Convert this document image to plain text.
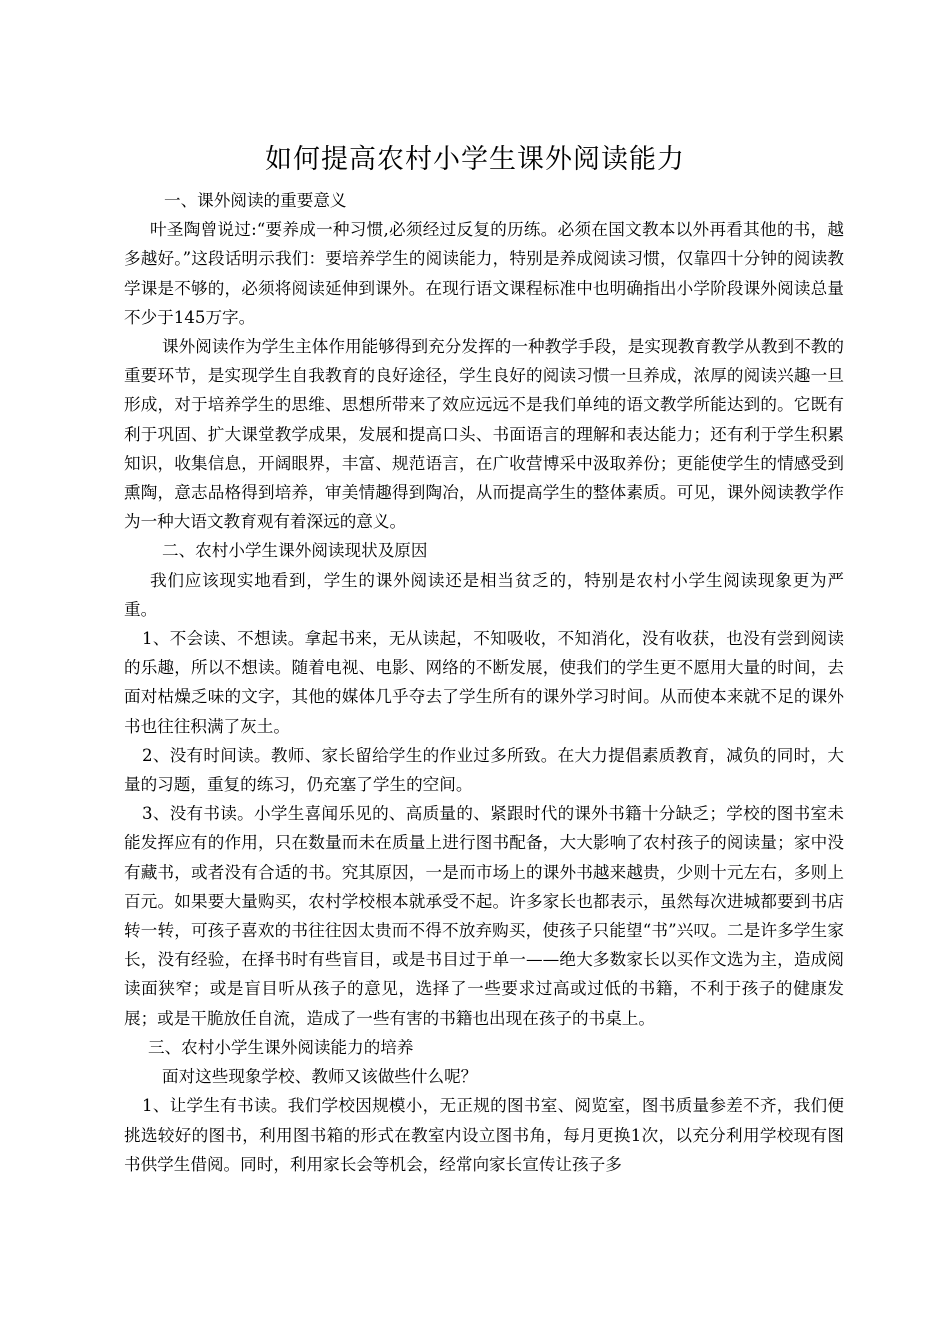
如何提高农村小学生课外阅读能力

一、课外阅读的重要意义

叶圣陶曾说过:“要养成一种习惯,必须经过反复的历练。必须在国文教本以外再看其他的书，越多越好。”这段话明示我们：要培养学生的阅读能力，特别是养成阅读习惯，仅靠四十分钟的阅读教学课是不够的，必须将阅读延伸到课外。在现行语文课程标准中也明确指出小学阶段课外阅读总量不少于145万字。

课外阅读作为学生主体作用能够得到充分发挥的一种教学手段，是实现教育教学从教到不教的重要环节，是实现学生自我教育的良好途径，学生良好的阅读习惯一旦养成，浓厚的阅读兴趣一旦形成，对于培养学生的思维、思想所带来了效应远远不是我们单纯的语文教学所能达到的。它既有利于巩固、扩大课堂教学成果，发展和提高口头、书面语言的理解和表达能力；还有利于学生积累知识，收集信息，开阔眼界，丰富、规范语言，在广收营博采中汲取养份；更能使学生的情感受到熏陶，意志品格得到培养，审美情趣得到陶冶，从而提高学生的整体素质。可见，课外阅读教学作为一种大语文教育观有着深远的意义。

二、农村小学生课外阅读现状及原因

我们应该现实地看到，学生的课外阅读还是相当贫乏的，特别是农村小学生阅读现象更为严重。

1、不会读、不想读。拿起书来，无从读起，不知吸收，不知消化，没有收获，也没有尝到阅读的乐趣，所以不想读。随着电视、电影、网络的不断发展，使我们的学生更不愿用大量的时间，去面对枯燥乏味的文字，其他的媒体几乎夺去了学生所有的课外学习时间。从而使本来就不足的课外书也往往积满了灰土。

2、没有时间读。教师、家长留给学生的作业过多所致。在大力提倡素质教育，减负的同时，大量的习题，重复的练习，仍充塞了学生的空间。

3、没有书读。小学生喜闻乐见的、高质量的、紧跟时代的课外书籍十分缺乏；学校的图书室未能发挥应有的作用，只在数量而未在质量上进行图书配备，大大影响了农村孩子的阅读量；家中没有藏书，或者没有合适的书。究其原因，一是而市场上的课外书越来越贵，少则十元左右，多则上百元。如果要大量购买，农村学校根本就承受不起。许多家长也都表示，虽然每次进城都要到书店转一转，可孩子喜欢的书往往因太贵而不得不放弃购买，使孩子只能望“书”兴叹。二是许多学生家长，没有经验，在择书时有些盲目，或是书目过于单一——绝大多数家长以买作文选为主，造成阅读面狭窄；或是盲目听从孩子的意见，选择了一些要求过高或过低的书籍，不利于孩子的健康发展；或是干脆放任自流，造成了一些有害的书籍也出现在孩子的书桌上。

三、农村小学生课外阅读能力的培养

面对这些现象学校、教师又该做些什么呢？

1、让学生有书读。我们学校因规模小，无正规的图书室、阅览室，图书质量参差不齐，我们便挑选较好的图书，利用图书箱的形式在教室内设立图书角，每月更换1次，以充分利用学校现有图书供学生借阅。同时，利用家长会等机会，经常向家长宣传让孩子多
